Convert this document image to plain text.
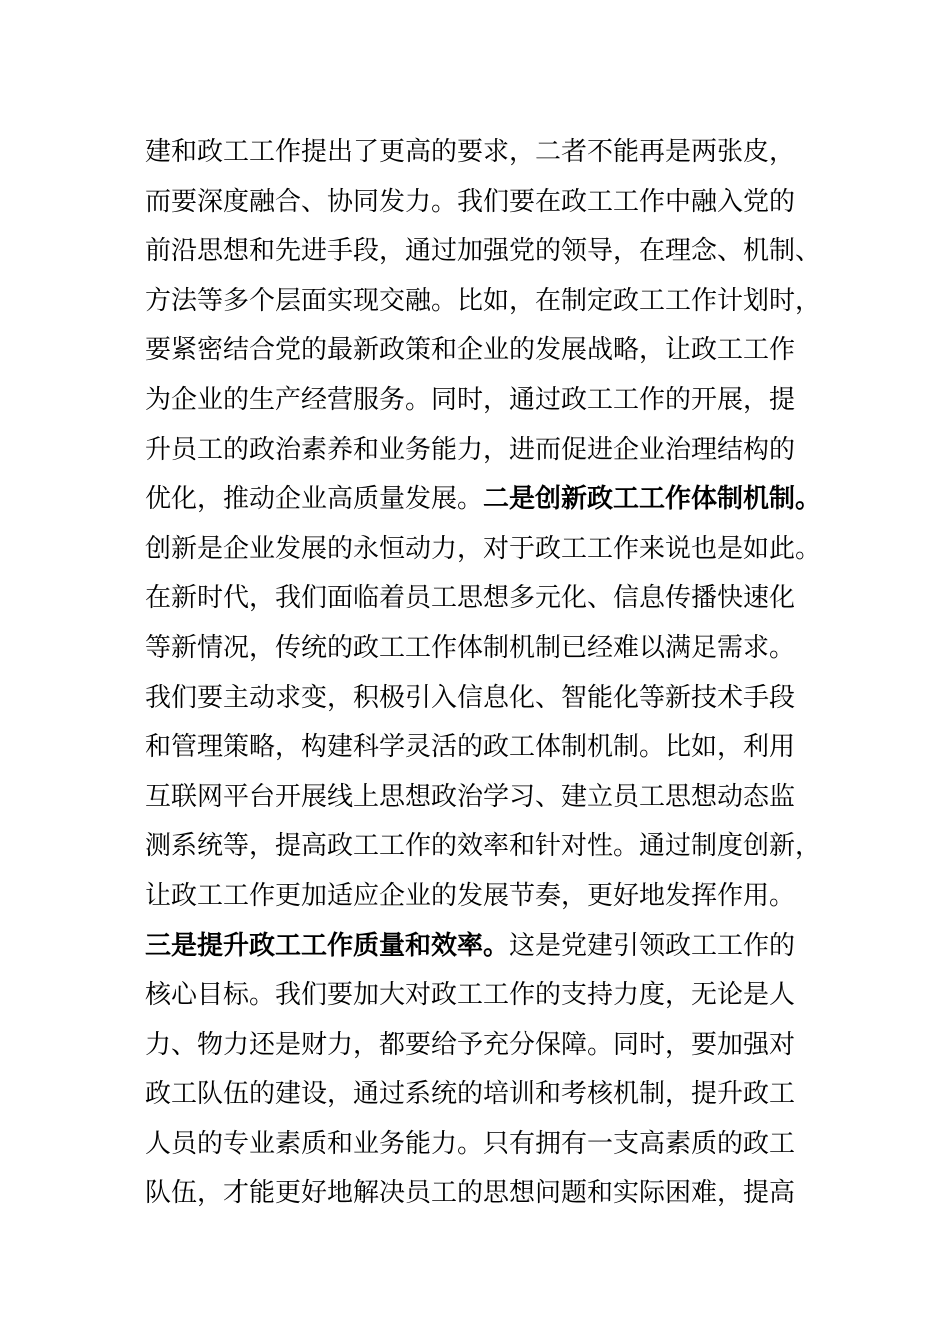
建和政工工作提出了更高的要求，二者不能再是两张皮，
而要深度融合、协同发力。我们要在政工工作中融入党的
前沿思想和先进手段，通过加强党的领导，在理念、机制、
方法等多个层面实现交融。比如，在制定政工工作计划时，
要紧密结合党的最新政策和企业的发展战略，让政工工作
为企业的生产经营服务。同时，通过政工工作的开展，提
升员工的政治素养和业务能力，进而促进企业治理结构的
优化，推动企业高质量发展。二是创新政工工作体制机制。
创新是企业发展的永恒动力，对于政工工作来说也是如此。
在新时代，我们面临着员工思想多元化、信息传播快速化
等新情况，传统的政工工作体制机制已经难以满足需求。
我们要主动求变，积极引入信息化、智能化等新技术手段
和管理策略，构建科学灵活的政工体制机制。比如，利用
互联网平台开展线上思想政治学习、建立员工思想动态监
测系统等，提高政工工作的效率和针对性。通过制度创新，
让政工工作更加适应企业的发展节奏，更好地发挥作用。
三是提升政工工作质量和效率。这是党建引领政工工作的
核心目标。我们要加大对政工工作的支持力度，无论是人
力、物力还是财力，都要给予充分保障。同时，要加强对
政工队伍的建设，通过系统的培训和考核机制，提升政工
人员的专业素质和业务能力。只有拥有一支高素质的政工
队伍，才能更好地解决员工的思想问题和实际困难，提高
